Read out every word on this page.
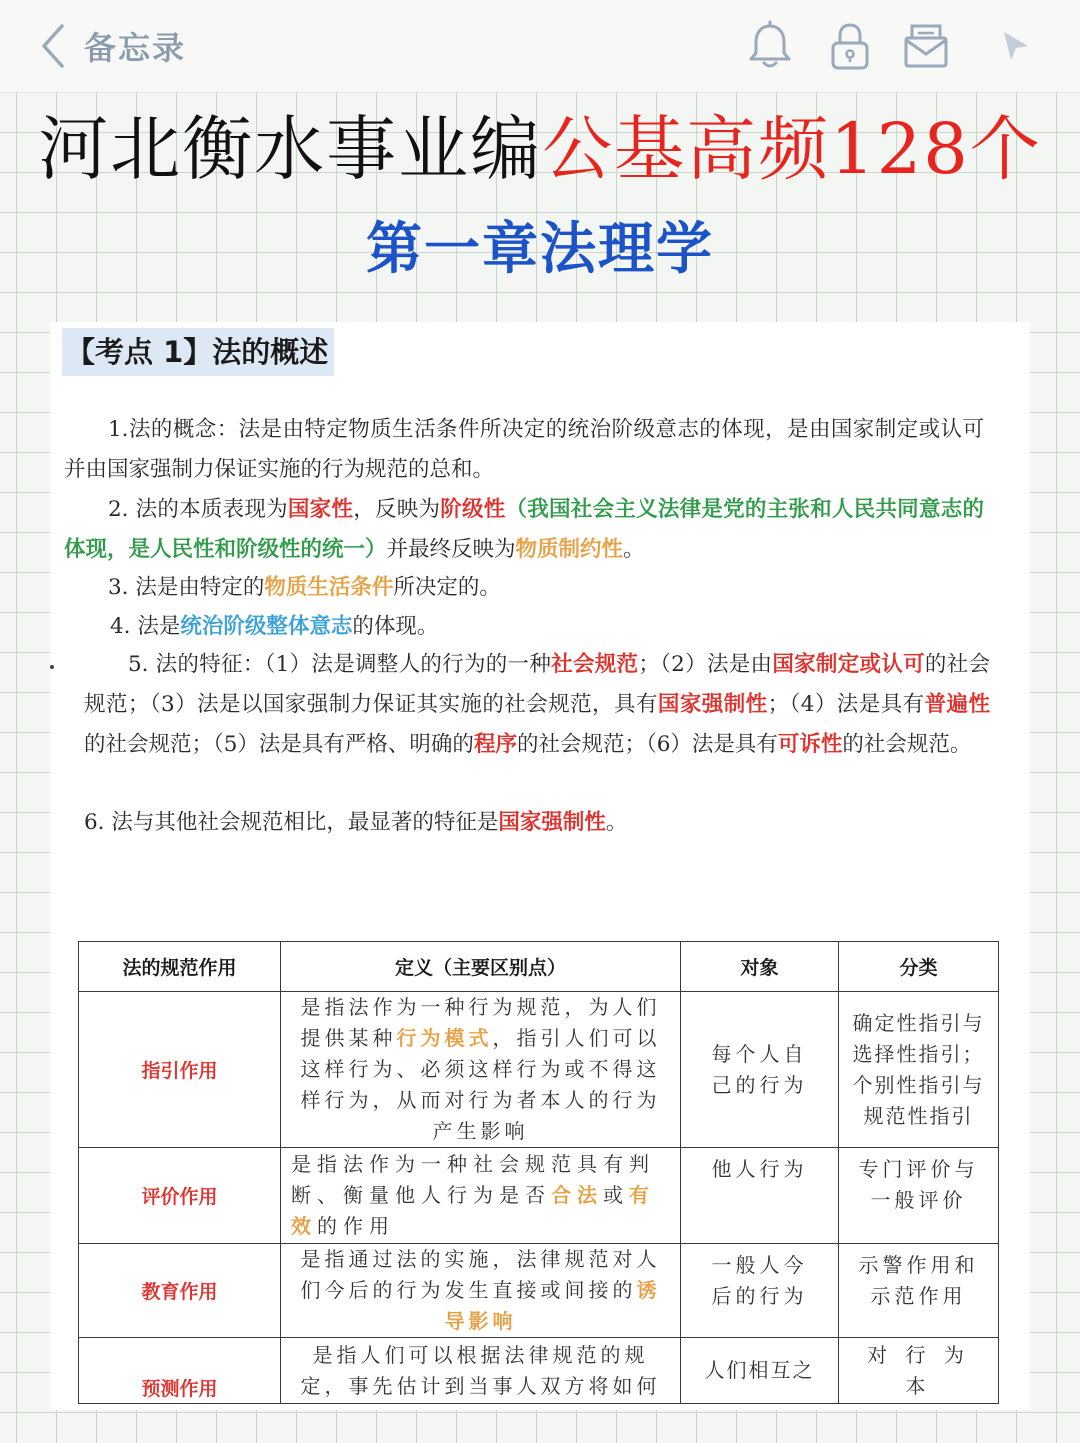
备忘录
河北衡水事业编公基高频128个
第一章法理学
【考点 1】法的概述
1.法的概念：法是由特定物质生活条件所决定的统治阶级意志的体现，是由国家制定或认可并由国家强制力保证实施的行为规范的总和。
2. 法的本质表现为国家性，反映为阶级性（我国社会主义法律是党的主张和人民共同意志的体现，是人民性和阶级性的统一）并最终反映为物质制约性。
3. 法是由特定的物质生活条件所决定的。
4. 法是统治阶级整体意志的体现。
5. 法的特征：（1）法是调整人的行为的一种社会规范；（2）法是由国家制定或认可的社会规范；（3）法是以国家强制力保证其实施的社会规范，具有国家强制性；（4）法是具有普遍性的社会规范；（5）法是具有严格、明确的程序的社会规范；（6）法是具有可诉性的社会规范。
6. 法与其他社会规范相比，最显著的特征是国家强制性。
法的规范作用	定义（主要区别点）	对象	分类
指引作用	是指法作为一种行为规范，为人们提供某种行为模式，指引人们可以这样行为、必须这样行为或不得这样行为，从而对行为者本人的行为产生影响	每个人自己的行为	确定性指引与选择性指引；个别性指引与规范性指引
评价作用	是指法作为一种社会规范具有判断、衡量他人行为是否合法或有效的作用	他人行为	专门评价与一般评价
教育作用	是指通过法的实施，法律规范对人们今后的行为发生直接或间接的诱导影响	一般人今后的行为	示警作用和示范作用
预测作用	是指人们可以根据法律规范的规定，事先估计到当事人双方将如何	人们相互之	对 行 为 本
